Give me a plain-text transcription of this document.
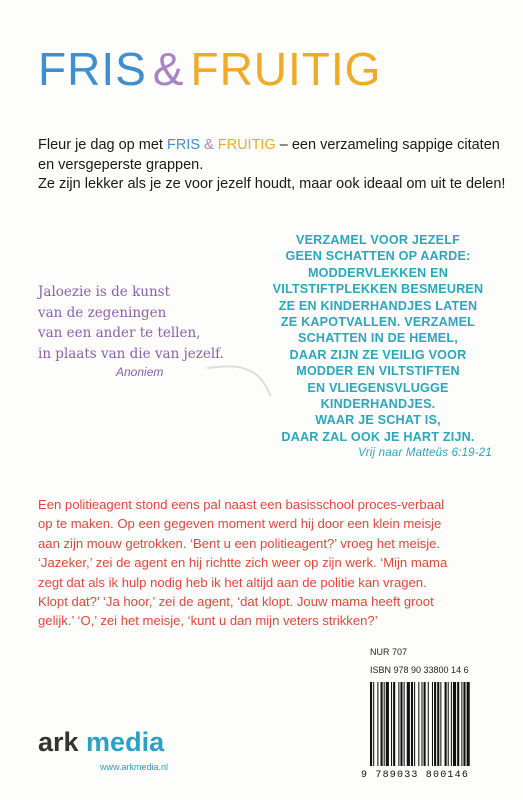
FRIS & FRUITIG
Fleur je dag op met FRIS & FRUITIG – een verzameling sappige citaten en versgeperste grappen.
Ze zijn lekker als je ze voor jezelf houdt, maar ook ideaal om uit te delen!
Jaloezie is de kunst
van de zegeningen
van een ander te tellen,
in plaats van die van jezelf.
Anoniem
VERZAMEL VOOR JEZELF
GEEN SCHATTEN OP AARDE:
MODDERVLEKKEN EN
VILTSTIFTPLEKKEN BESMEUREN
ZE EN KINDERHANDJES LATEN
ZE KAPOTVALLEN. VERZAMEL
SCHATTEN IN DE HEMEL,
DAAR ZIJN ZE VEILIG VOOR
MODDER EN VILTSTIFTEN
EN VLIEGENSVLUGGE
KINDERHANDJES.
WAAR JE SCHAT IS,
DAAR ZAL OOK JE HART ZIJN.
Vrij naar Matteüs 6:19-21
Een politieagent stond eens pal naast een basisschool proces-verbaal
op te maken. Op een gegeven moment werd hij door een klein meisje
aan zijn mouw getrokken. ‘Bent u een politieagent?’ vroeg het meisje.
‘Jazeker,’ zei de agent en hij richtte zich weer op zijn werk. ‘Mijn mama
zegt dat als ik hulp nodig heb ik het altijd aan de politie kan vragen.
Klopt dat?’ ‘Ja hoor,’ zei de agent, ‘dat klopt. Jouw mama heeft groot
gelijk.’ ‘O,’ zei het meisje, ‘kunt u dan mijn veters strikken?’
NUR 707
ISBN 978 90 33800 14 6
9 789033 800146
ark media
www.arkmedia.nl
